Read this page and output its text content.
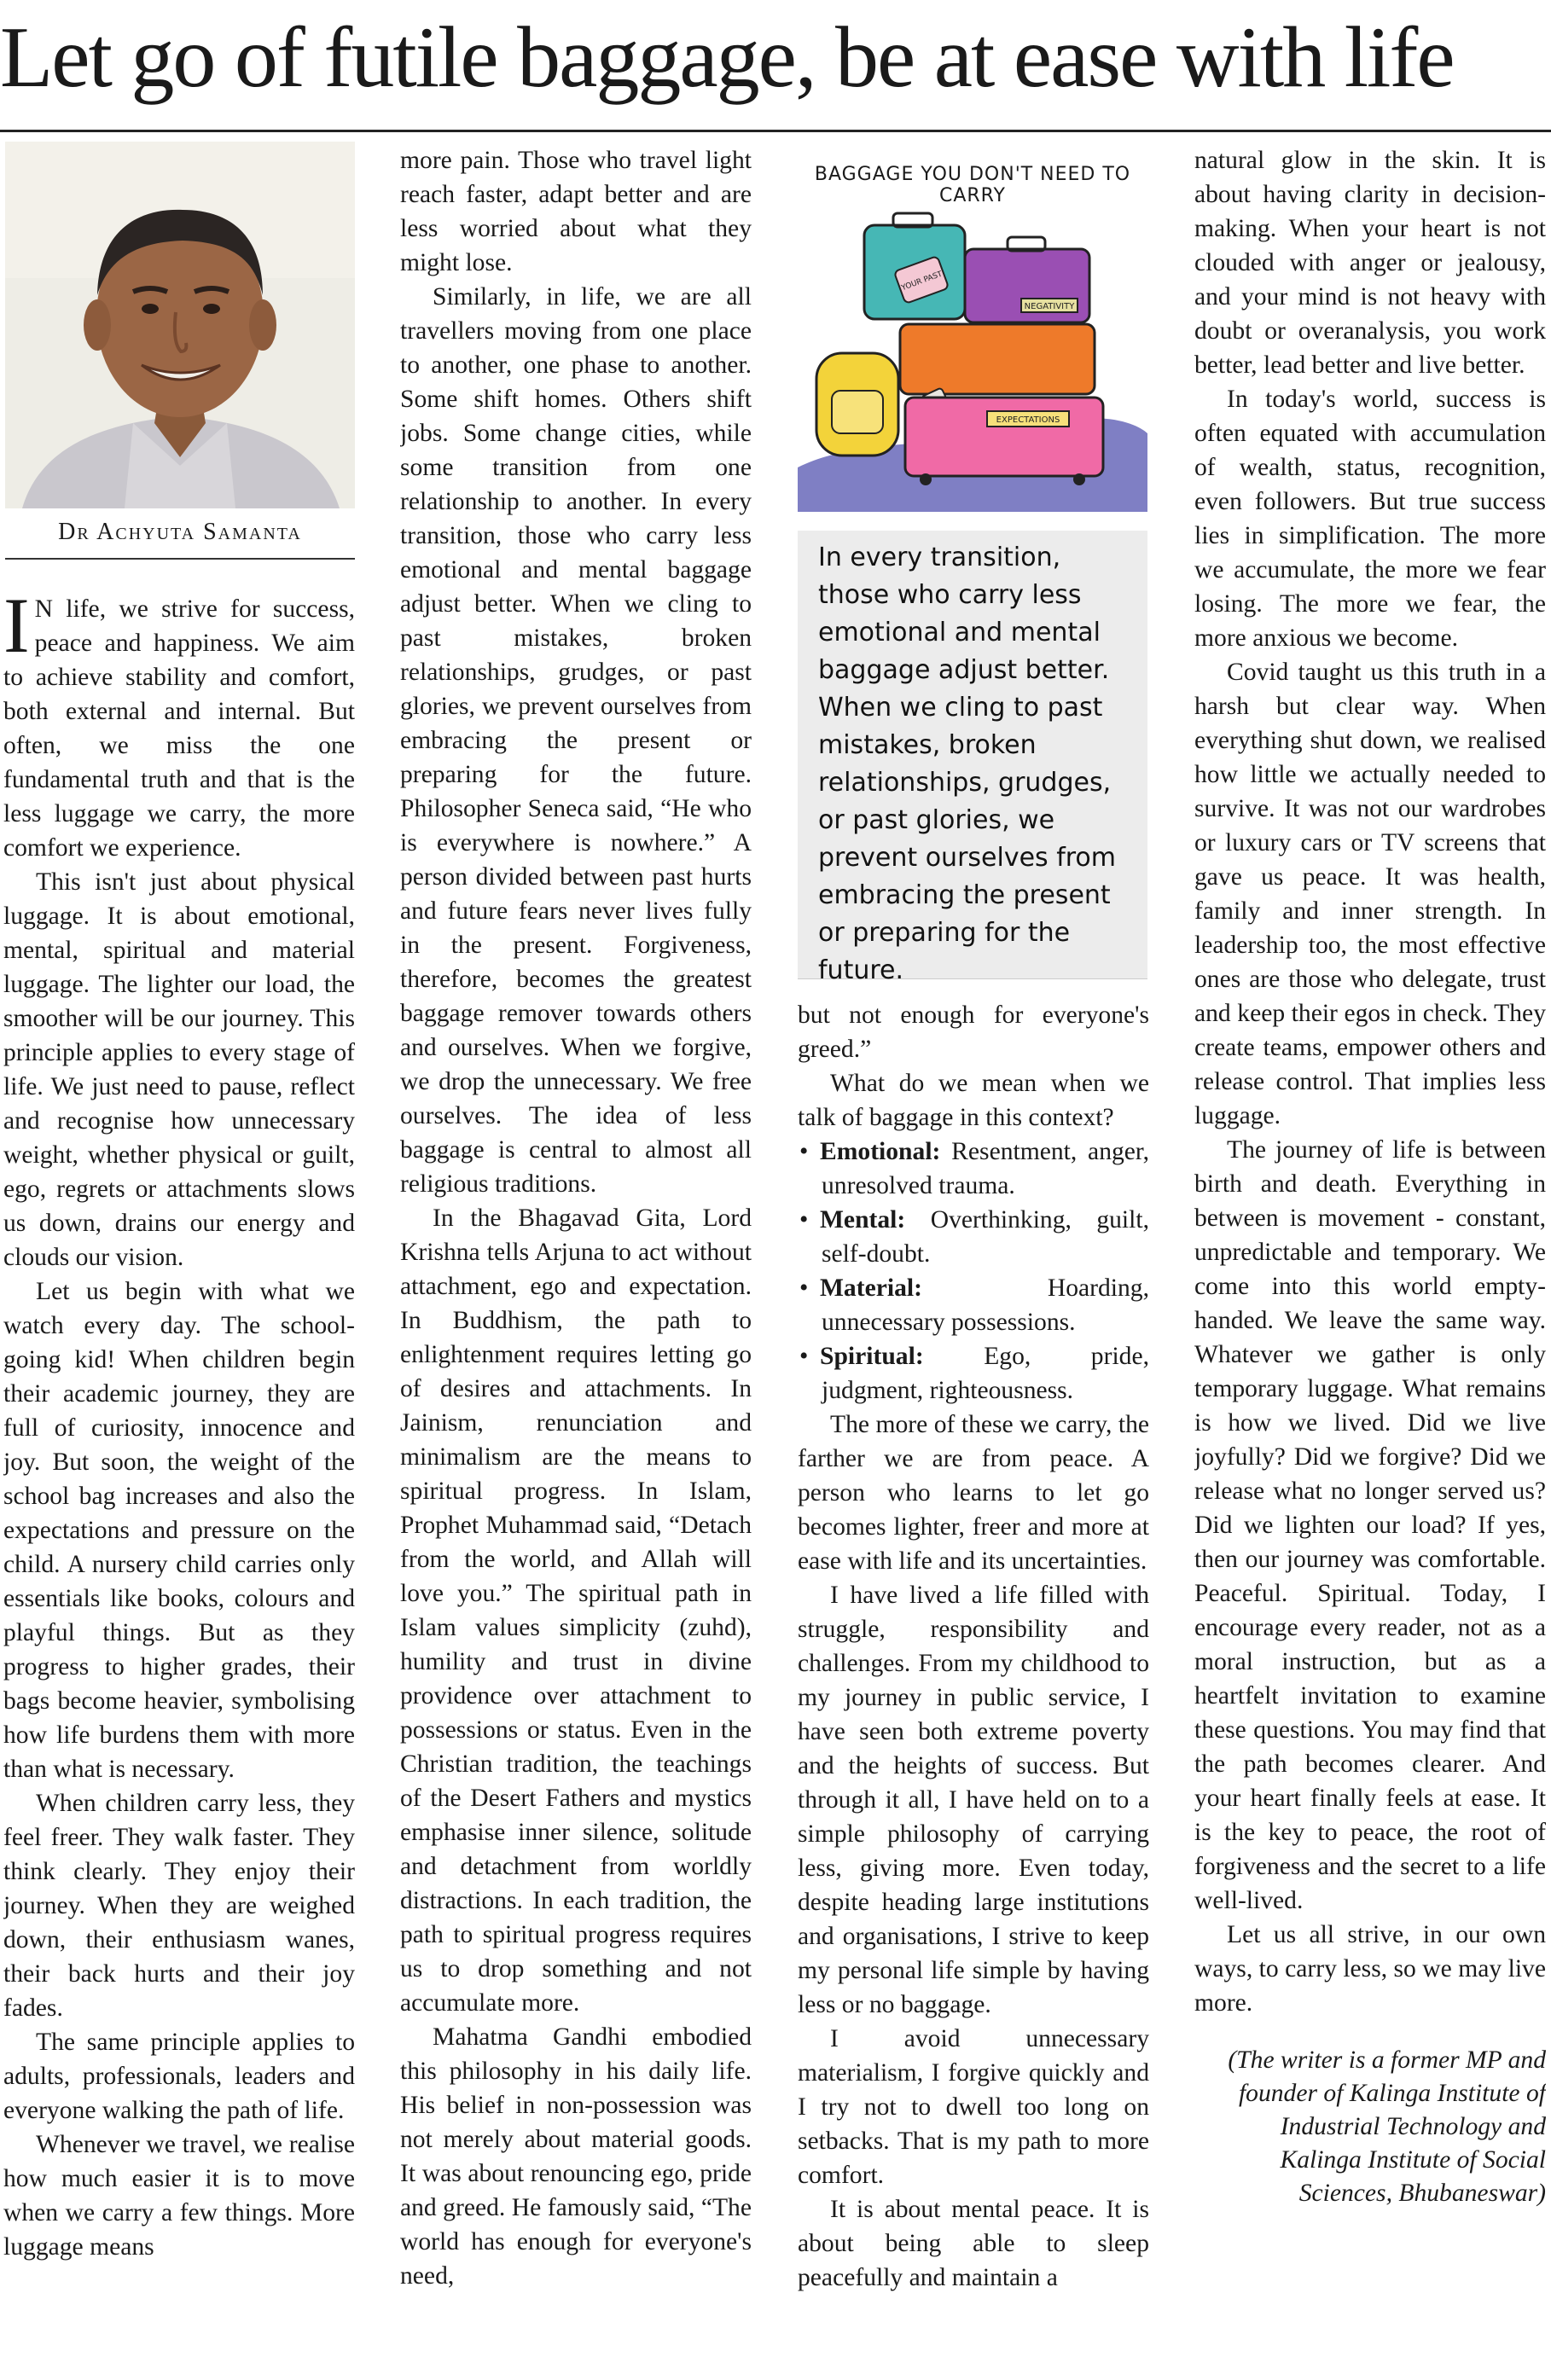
Let go of futile baggage, be at ease with life
Dr Achyuta Samanta

I N life, we strive for success, peace and happiness. We aim to achieve stability and comfort, both external and internal. But often, we miss the one fundamental truth and that is the less luggage we carry, the more comfort we experience.

This isn't just about physical luggage. It is about emotional, mental, spiritual and material luggage. The lighter our load, the smoother will be our journey. This principle applies to every stage of life. We just need to pause, reflect and recognise how unnecessary weight, whether physical or guilt, ego, regrets or attachments slows us down, drains our energy and clouds our vision.

Let us begin with what we watch every day. The school-going kid! When children begin their academic journey, they are full of curiosity, innocence and joy. But soon, the weight of the school bag increases and also the expectations and pressure on the child. A nursery child carries only essentials like books, colours and playful things. But as they progress to higher grades, their bags become heavier, symbolising how life burdens them with more than what is necessary.

When children carry less, they feel freer. They walk faster. They think clearly. They enjoy their journey. When they are weighed down, their enthusiasm wanes, their back hurts and their joy fades.

The same principle applies to adults, professionals, leaders and everyone walking the path of life.

Whenever we travel, we realise how much easier it is to move when we carry a few things. More luggage means

more pain. Those who travel light reach faster, adapt better and are less worried about what they might lose.

Similarly, in life, we are all travellers moving from one place to another, one phase to another. Some shift homes. Others shift jobs. Some change cities, while some transition from one relationship to another. In every transition, those who carry less emotional and mental baggage adjust better. When we cling to past mistakes, broken relationships, grudges, or past glories, we prevent ourselves from embracing the present or preparing for the future. Philosopher Seneca said, “He who is everywhere is nowhere.” A person divided between past hurts and future fears never lives fully in the present. Forgiveness, therefore, becomes the greatest baggage remover towards others and ourselves. When we forgive, we drop the unnecessary. We free ourselves. The idea of less baggage is central to almost all religious traditions.

In the Bhagavad Gita, Lord Krishna tells Arjuna to act without attachment, ego and expectation. In Buddhism, the path to enlightenment requires letting go of desires and attachments. In Jainism, renunciation and minimalism are the means to spiritual progress. In Islam, Prophet Muhammad said, “Detach from the world, and Allah will love you.” The spiritual path in Islam values simplicity (zuhd), humility and trust in divine providence over attachment to possessions or status. Even in the Christian tradition, the teachings of the Desert Fathers and mystics emphasise inner silence, solitude and detachment from worldly distractions. In each tradition, the path to spiritual progress requires us to drop something and not accumulate more.

Mahatma Gandhi embodied this philosophy in his daily life. His belief in non-possession was not merely about material goods. It was about renouncing ego, pride and greed. He famously said, “The world has enough for everyone's need,

BAGGAGE YOU DON'T NEED TO CARRY
NEGATIVITY
YOUR PAST
EXPECTATIONS
In every transition, those who carry less emotional and mental baggage adjust better. When we cling to past mistakes, broken relationships, grudges, or past glories, we prevent ourselves from embracing the present or preparing for the future.

but not enough for everyone's greed.”

What do we mean when we talk of baggage in this context?

• Emotional: Resentment, anger, unresolved trauma.
• Mental: Overthinking, guilt, self-doubt.
• Material: Hoarding, unnecessary possessions.
• Spiritual: Ego, pride, judgment, righteousness.

The more of these we carry, the farther we are from peace. A person who learns to let go becomes lighter, freer and more at ease with life and its uncertainties.

I have lived a life filled with struggle, responsibility and challenges. From my childhood to my journey in public service, I have seen both extreme poverty and the heights of success. But through it all, I have held on to a simple philosophy of carrying less, giving more. Even today, despite heading large institutions and organisations, I strive to keep my personal life simple by having less or no baggage.

I avoid unnecessary materialism, I forgive quickly and I try not to dwell too long on setbacks. That is my path to more comfort.

It is about mental peace. It is about being able to sleep peacefully and maintain a

natural glow in the skin. It is about having clarity in decision-making. When your heart is not clouded with anger or jealousy, and your mind is not heavy with doubt or overanalysis, you work better, lead better and live better.

In today's world, success is often equated with accumulation of wealth, status, recognition, even followers. But true success lies in simplification. The more we accumulate, the more we fear losing. The more we fear, the more anxious we become.

Covid taught us this truth in a harsh but clear way. When everything shut down, we realised how little we actually needed to survive. It was not our wardrobes or luxury cars or TV screens that gave us peace. It was health, family and inner strength. In leadership too, the most effective ones are those who delegate, trust and keep their egos in check. They create teams, empower others and release control. That implies less luggage.

The journey of life is between birth and death. Everything in between is movement - constant, unpredictable and temporary. We come into this world empty-handed. We leave the same way. Whatever we gather is only temporary luggage. What remains is how we lived. Did we live joyfully? Did we forgive? Did we release what no longer served us? Did we lighten our load? If yes, then our journey was comfortable. Peaceful. Spiritual. Today, I encourage every reader, not as a moral instruction, but as a heartfelt invitation to examine these questions. You may find that the path becomes clearer. And your heart finally feels at ease. It is the key to peace, the root of forgiveness and the secret to a life well-lived.

Let us all strive, in our own ways, to carry less, so we may live more.

(The writer is a former MP and founder of Kalinga Institute of Industrial Technology and Kalinga Institute of Social Sciences, Bhubaneswar)
